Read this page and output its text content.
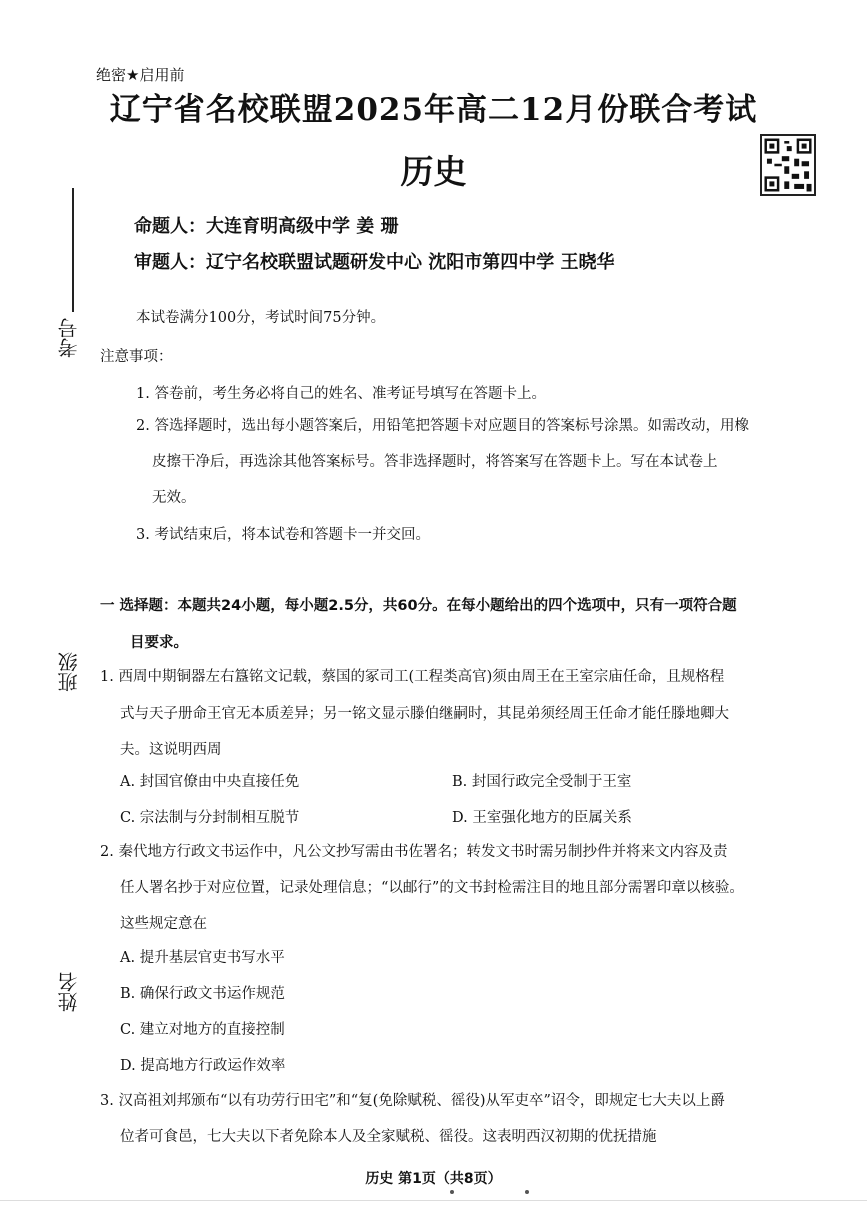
绝密★启用前
辽宁省名校联盟2025年高二12月份联合考试
历史
命题人：大连育明高级中学 姜 珊
审题人：辽宁名校联盟试题研发中心 沈阳市第四中学 王晓华
考号
班级
姓名
本试卷满分100分，考试时间75分钟。
注意事项：
1. 答卷前，考生务必将自己的姓名、准考证号填写在答题卡上。
2. 答选择题时，选出每小题答案后，用铅笔把答题卡对应题目的答案标号涂黑。如需改动，用橡
皮擦干净后，再选涂其他答案标号。答非选择题时，将答案写在答题卡上。写在本试卷上
无效。
3. 考试结束后，将本试卷和答题卡一并交回。
一 选择题：本题共24小题，每小题2.5分，共60分。在每小题给出的四个选项中，只有一项符合题
目要求。
1. 西周中期铜器左右簋铭文记载，蔡国的冢司工(工程类高官)须由周王在王室宗庙任命，且规格程
式与天子册命王官无本质差异；另一铭文显示滕伯继嗣时，其昆弟须经周王任命才能任滕地卿大
夫。这说明西周
A. 封国官僚由中央直接任免	B. 封国行政完全受制于王室
C. 宗法制与分封制相互脱节	D. 王室强化地方的臣属关系
2. 秦代地方行政文书运作中，凡公文抄写需由书佐署名；转发文书时需另制抄件并将来文内容及责
任人署名抄于对应位置，记录处理信息；“以邮行”的文书封检需注目的地且部分需署印章以核验。
这些规定意在
A. 提升基层官吏书写水平
B. 确保行政文书运作规范
C. 建立对地方的直接控制
D. 提高地方行政运作效率
3. 汉高祖刘邦颁布“以有功劳行田宅”和“复(免除赋税、徭役)从军吏卒”诏令，即规定七大夫以上爵
位者可食邑，七大夫以下者免除本人及全家赋税、徭役。这表明西汉初期的优抚措施
历史 第1页（共8页）
